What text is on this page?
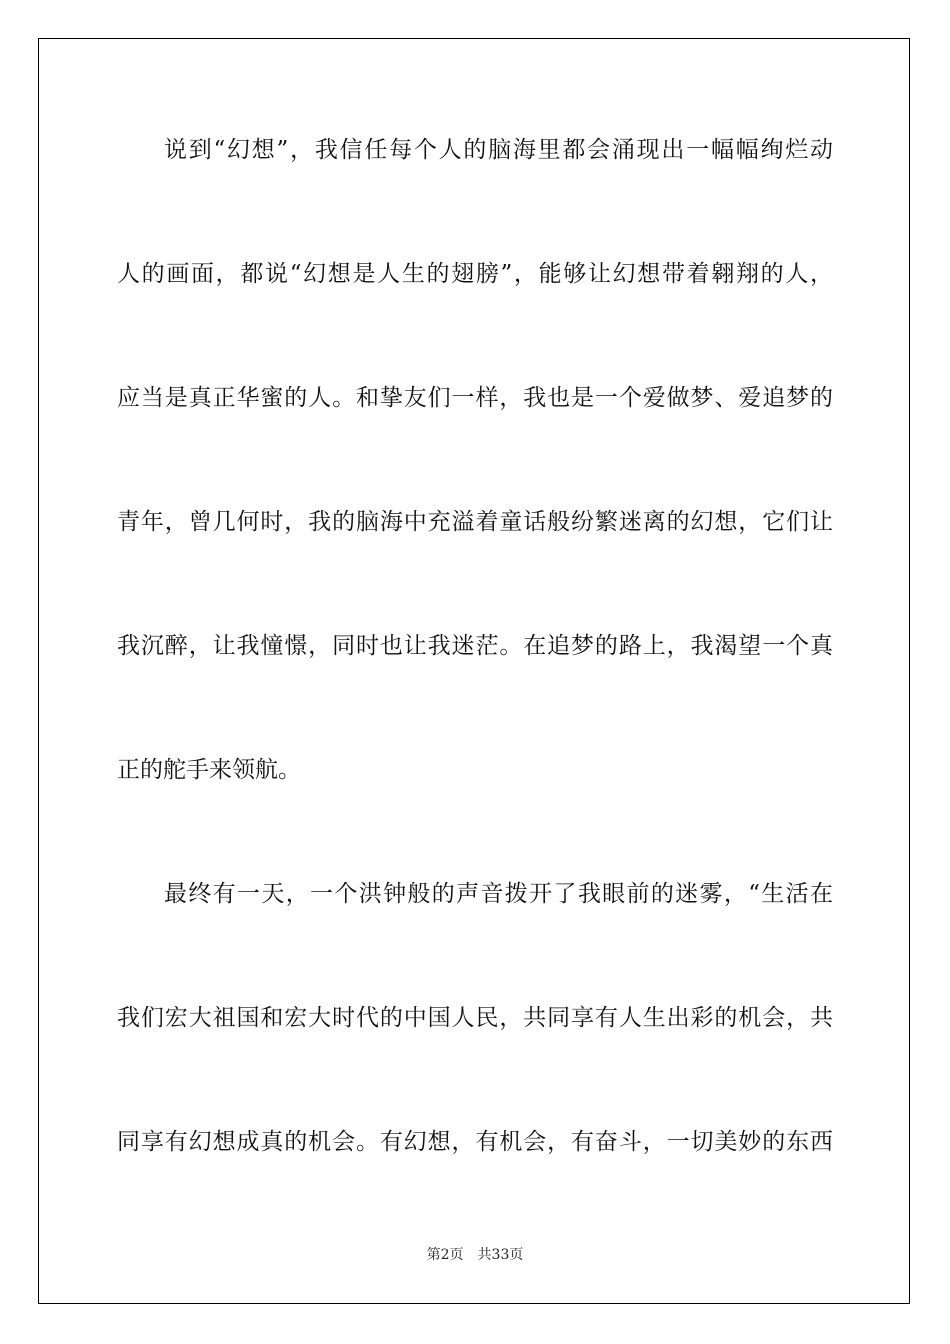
说到“幻想”，我信任每个人的脑海里都会涌现出一幅幅绚烂动
人的画面，都说“幻想是人生的翅膀”，能够让幻想带着翱翔的人，
应当是真正华蜜的人。和挚友们一样，我也是一个爱做梦、爱追梦的
青年，曾几何时，我的脑海中充溢着童话般纷繁迷离的幻想，它们让
我沉醉，让我憧憬，同时也让我迷茫。在追梦的路上，我渴望一个真
正的舵手来领航。
最终有一天，一个洪钟般的声音拨开了我眼前的迷雾，“生活在
我们宏大祖国和宏大时代的中国人民，共同享有人生出彩的机会，共
同享有幻想成真的机会。有幻想，有机会，有奋斗，一切美妙的东西
第2页 共33页
